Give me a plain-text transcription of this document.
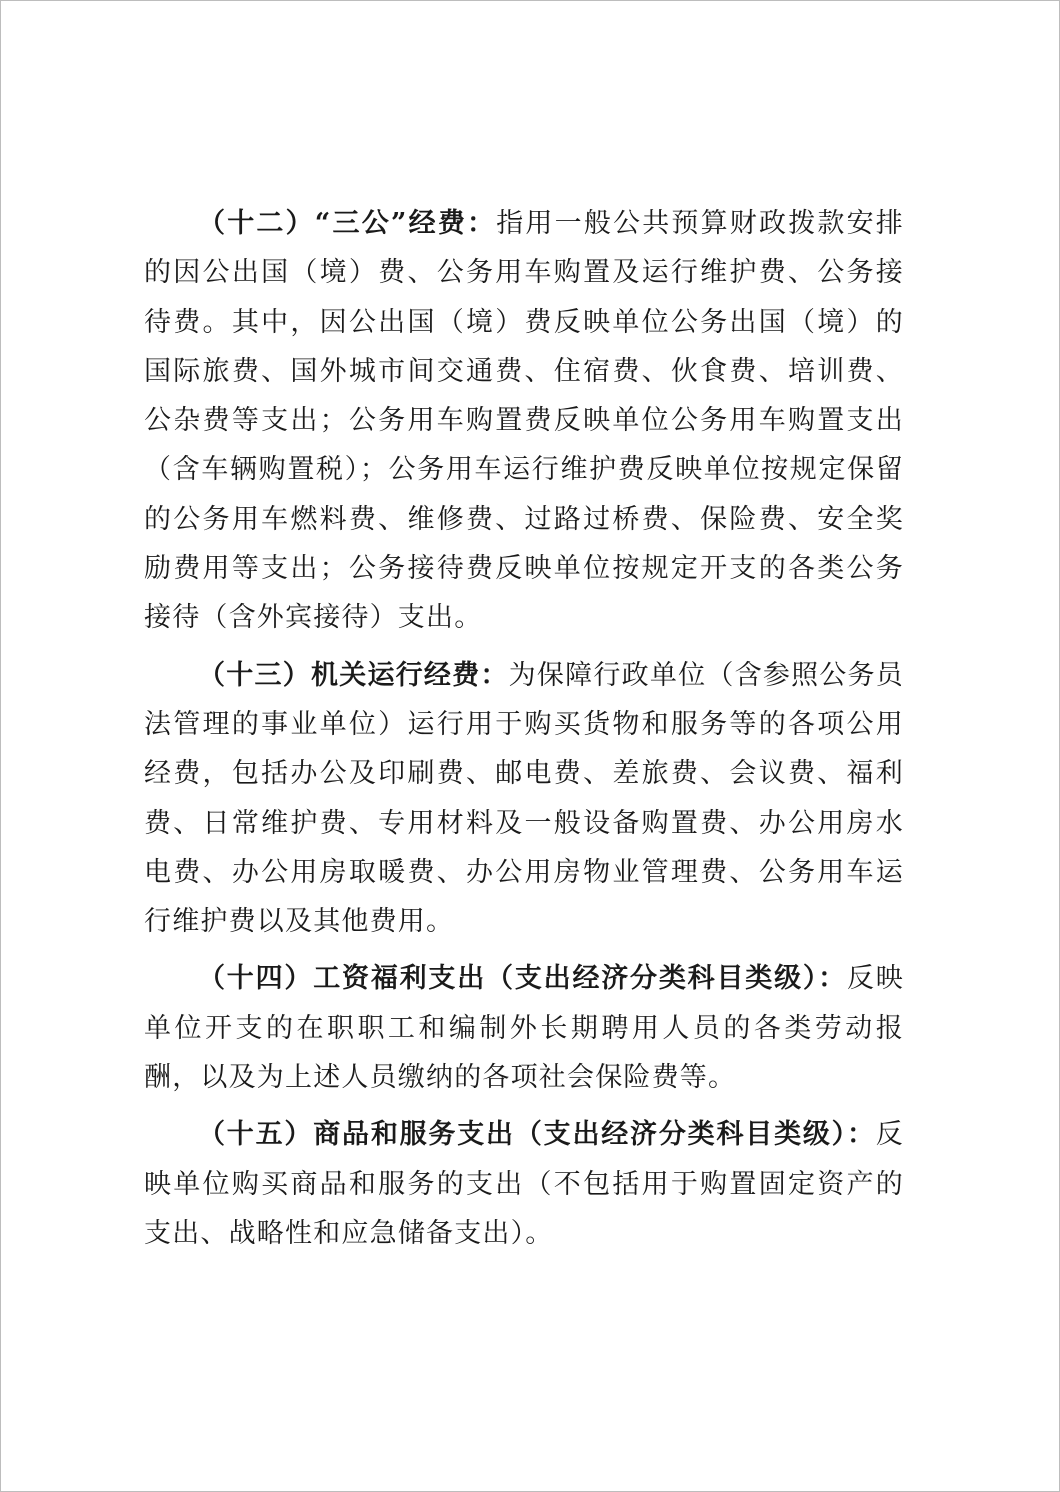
（十二）“三公”经费：指用一般公共预算财政拨款安排的因公出国（境）费、公务用车购置及运行维护费、公务接待费。其中，因公出国（境）费反映单位公务出国（境）的国际旅费、国外城市间交通费、住宿费、伙食费、培训费、公杂费等支出；公务用车购置费反映单位公务用车购置支出（含车辆购置税）；公务用车运行维护费反映单位按规定保留的公务用车燃料费、维修费、过路过桥费、保险费、安全奖励费用等支出；公务接待费反映单位按规定开支的各类公务接待（含外宾接待）支出。

（十三）机关运行经费：为保障行政单位（含参照公务员法管理的事业单位）运行用于购买货物和服务等的各项公用经费，包括办公及印刷费、邮电费、差旅费、会议费、福利费、日常维护费、专用材料及一般设备购置费、办公用房水电费、办公用房取暖费、办公用房物业管理费、公务用车运行维护费以及其他费用。

（十四）工资福利支出（支出经济分类科目类级）：反映单位开支的在职职工和编制外长期聘用人员的各类劳动报酬，以及为上述人员缴纳的各项社会保险费等。

（十五）商品和服务支出（支出经济分类科目类级）：反映单位购买商品和服务的支出（不包括用于购置固定资产的支出、战略性和应急储备支出）。
